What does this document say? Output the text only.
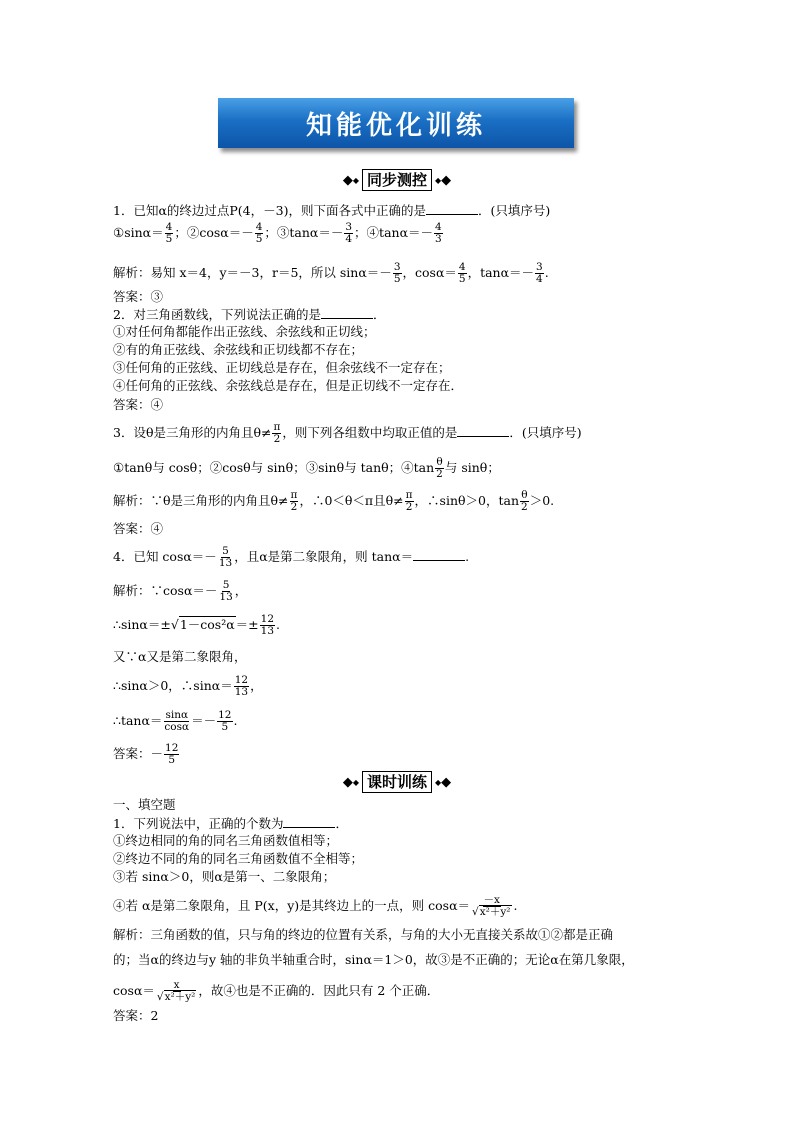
知能优化训练
◆ ◆ 同步测控	◆ ◆
1．已知α的终边过点P(4，－3)，则下面各式中正确的是	．(只填序号)
①sinα＝ $\frac{4}{5}$ ；②cosα＝－ $\frac{4}{5}$ ；③tanα＝－ $\frac{3}{4}$ ；④tanα＝－ $\frac{4}{3}$
解析：易知 x＝4，y＝－3，r＝5，所以 $\sin\alpha=- \frac{3}{5}$ ，$\cos\alpha= \frac{4}{5}$ ，$\tan\alpha=- \frac{3}{4}$ .
答案：③
2．对三角函数线，下列说法正确的是	．
①对任何角都能作出正弦线、余弦线和正切线；
②有的角正弦线、余弦线和正切线都不存在；
③任何角的正弦线、正切线总是存在，但余弦线不一定存在；
④任何角的正弦线、余弦线总是存在，但是正切线不一定存在．
答案：④
3．设θ是三角形的内角且$\theta\ne \frac{\pi}{2}$ ，则下列各组数中均取正值的是	．(只填序号)
①tanθ与 cosθ；②cosθ与 sinθ；③sinθ与 tanθ；④tan $\frac{\theta}{2}$ 与 sinθ；
解析：∵θ是三角形的内角且$\theta\ne \frac{\pi}{2}$ ，∴0＜θ＜π且$\theta\ne \frac{\pi}{2}$ ，∴sinθ＞0，$\tan \frac{\theta}{2} >0$.
答案：④
4．已知 $\cos\alpha=- \frac{5}{13}$ ，且α是第二象限角，则 tanα＝	.
解析：∵cosα＝－ $\frac{5}{13}$ ，
∴sinα＝±√1－cos²α＝± $\frac{12}{13}$ .
又∵α又是第二象限角，
∴sinα＞0，∴sinα＝ $\frac{12}{13}$ ，
∴tanα＝ $\frac{\sin\alpha}{\cos\alpha} =- \frac{12}{5}$ .
答案：－ $\frac{12}{5}$
◆ ◆ 课时训练	◆ ◆
一、填空题
1．下列说法中，正确的个数为	．
①终边相同的角的同名三角函数值相等；
②终边不同的角的同名三角函数值不全相等；
③若 sinα＞0，则α是第一、二象限角；
④若 α是第二象限角，且 P(x，y)是其终边上的一点，则 $\cos\alpha= \frac{-x}{\text{√x²＋y²}}$ .
解析：三角函数的值，只与角的终边的位置有关系，与角的大小无直接关系故①②都是正确
的；当α的终边与y 轴的非负半轴重合时，sinα＝1＞0，故③是不正确的；无论α在第几象限，
$\cos\alpha= \frac{x}{\text{√x²＋y²}}$ ，故④也是不正确的．因此只有 2 个正确．
答案：2
